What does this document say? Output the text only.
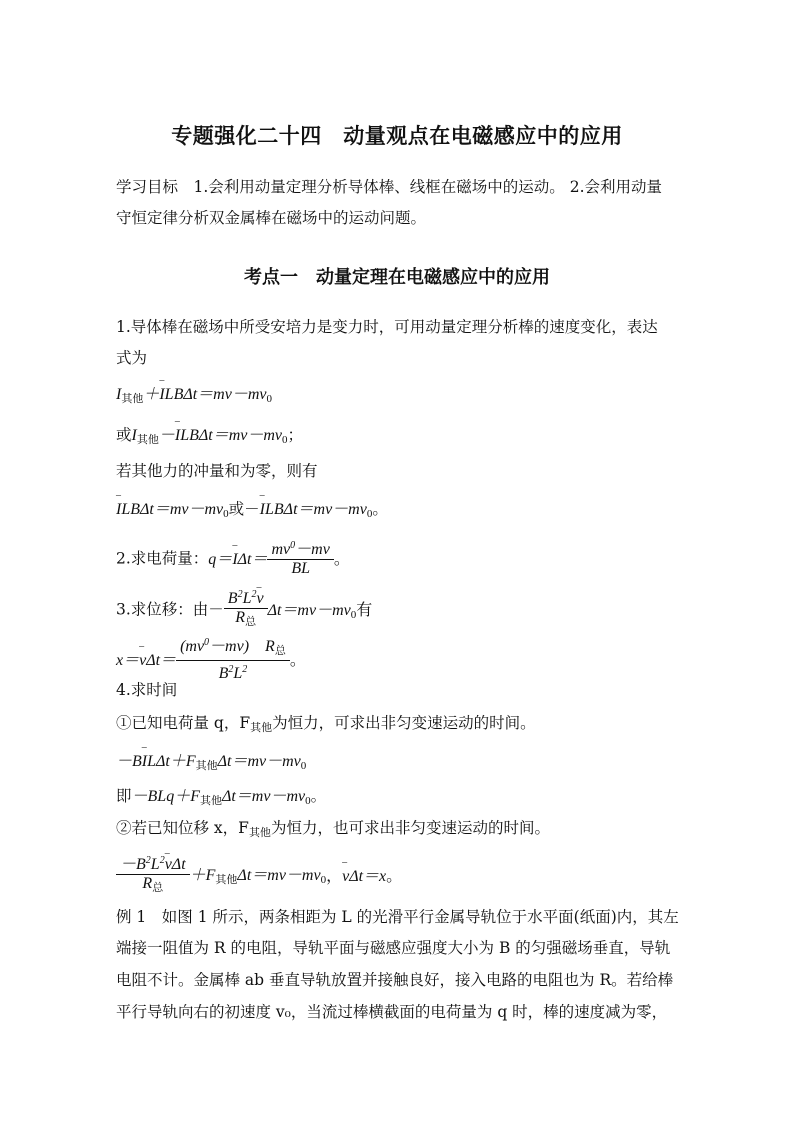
专题强化二十四　动量观点在电磁感应中的应用
学习目标　1.会利用动量定理分析导体棒、线框在磁场中的运动。 2.会利用动量
守恒定律分析双金属棒在磁场中的运动问题。
考点一　动量定理在电磁感应中的应用
1.导体棒在磁场中所受安培力是变力时，可用动量定理分析棒的速度变化，表达
式为
$I_{其他}+-$ $ILB\Delta t=mv-mv_0$
或$I_{其他}--$ $ILB\Delta t=mv-mv_0$；
若其他力的冲量和为零，则有
– $ILB\Delta t=mv-mv_0$或－– $ILB\Delta t=mv-mv_0$。
2.求电荷量：q＝– $I\Delta t= \frac{mv^0-mv}{BL}$ 。
3.求位移：由－ $\frac{B^2L^2- v}{R_总} \Delta t=mv-mv_0$有
x＝– $v\Delta t= \frac{(mv^0-mv) R_总}{B^2L^2}$ 。
4.求时间
①已知电荷量 q，$F_{其他}$为恒力，可求出非匀变速运动的时间。
－B– $IL\Delta t+F_{其他}\Delta t=mv-mv_0$
即$-BLq+F_{其他}\Delta t=mv-mv_0$。
②若已知位移 x，$F_{其他}$为恒力，也可求出非匀变速运动的时间。
$\frac{-B^2L^2- v\Delta t}{R_总} +F_{其他}\Delta t=mv-mv_0$，– vΔt＝x。
例 1　如图 1 所示，两条相距为 L 的光滑平行金属导轨位于水平面(纸面)内，其左
端接一阻值为 R 的电阻，导轨平面与磁感应强度大小为 B 的匀强磁场垂直，导轨
电阻不计。金属棒 ab 垂直导轨放置并接触良好，接入电路的电阻也为 R。若给棒
平行导轨向右的初速度 v₀，当流过棒横截面的电荷量为 q 时，棒的速度减为零，
